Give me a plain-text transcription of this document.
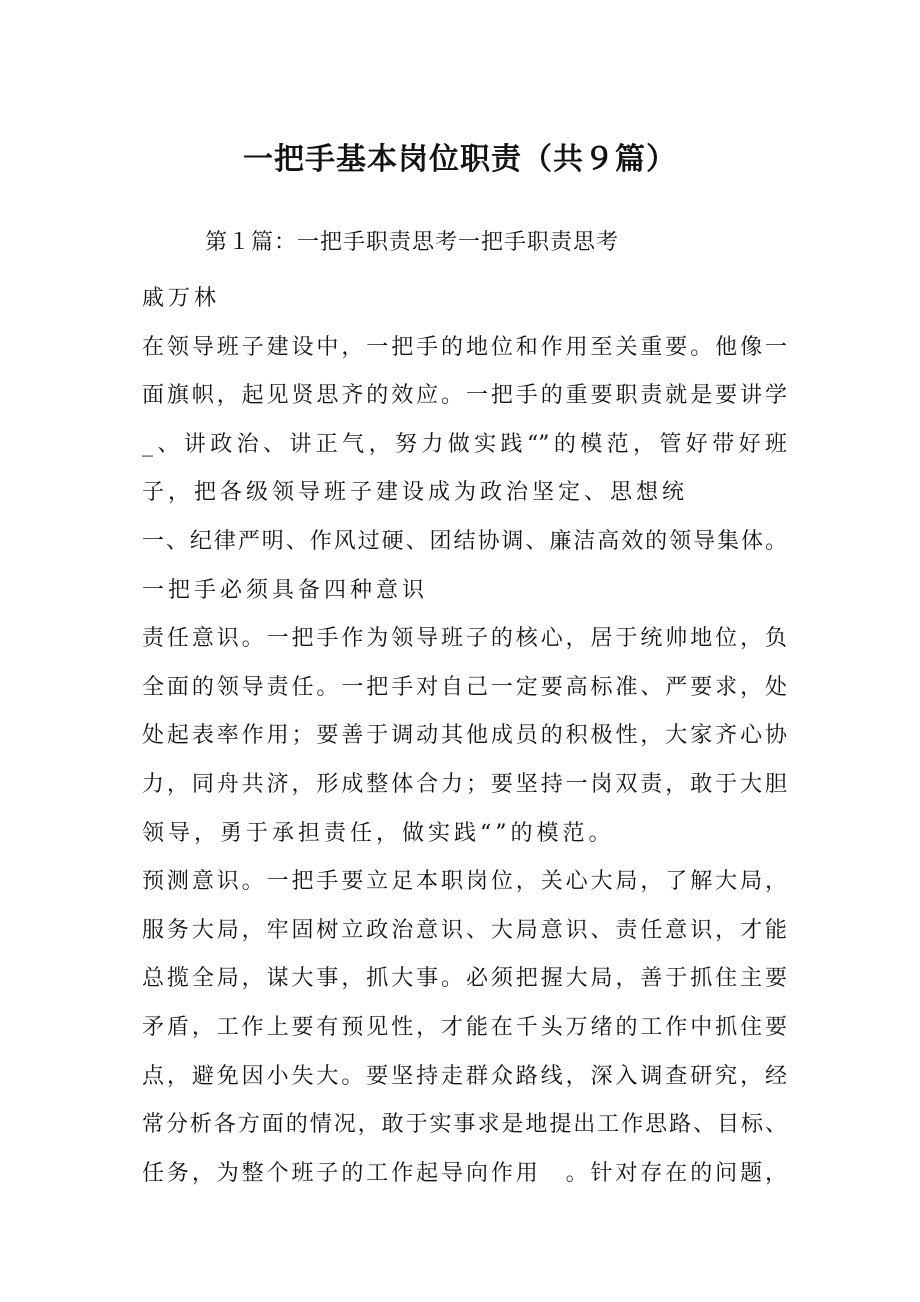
一把手基本岗位职责（共９篇）
第１篇：一把手职责思考一把手职责思考
戚万林
在领导班子建设中，一把手的地位和作用至关重要。他像一
面旗帜，起见贤思齐的效应。一把手的重要职责就是要讲学
_、讲政治、讲正气，努力做实践“”的模范，管好带好班
子，把各级领导班子建设成为政治坚定、思想统
一、纪律严明、作风过硬、团结协调、廉洁高效的领导集体。
一把手必须具备四种意识
责任意识。一把手作为领导班子的核心，居于统帅地位，负
全面的领导责任。一把手对自己一定要高标准、严要求，处
处起表率作用；要善于调动其他成员的积极性，大家齐心协
力，同舟共济，形成整体合力；要坚持一岗双责，敢于大胆
领导，勇于承担责任，做实践“”的模范。
预测意识。一把手要立足本职岗位，关心大局，了解大局，
服务大局，牢固树立政治意识、大局意识、责任意识，才能
总揽全局，谋大事，抓大事。必须把握大局，善于抓住主要
矛盾，工作上要有预见性，才能在千头万绪的工作中抓住要
点，避免因小失大。要坚持走群众路线，深入调查研究，经
常分析各方面的情况，敢于实事求是地提出工作思路、目标、
任务，为整个班子的工作起导向作用　。针对存在的问题，
